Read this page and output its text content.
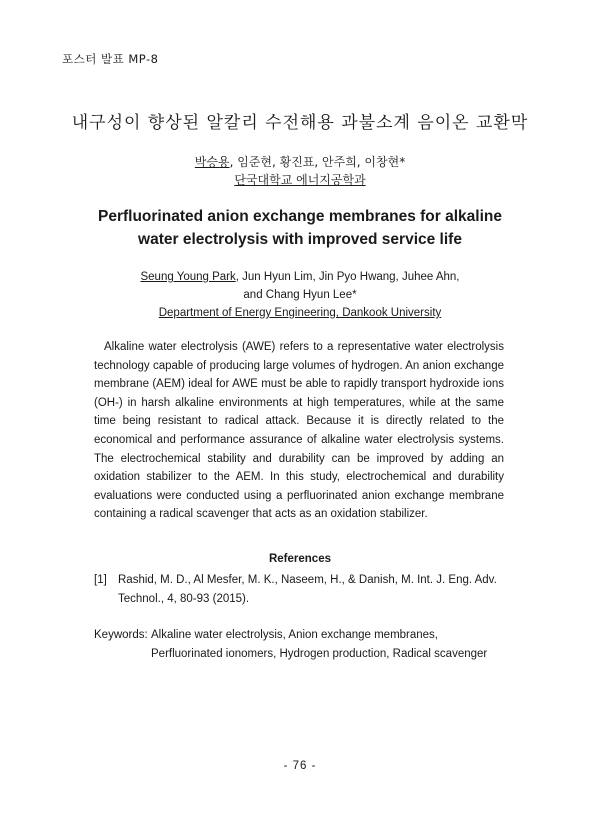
포스터 발표 MP-8
내구성이 향상된 알칼리 수전해용 과불소계 음이온 교환막
박승용, 임준현, 황진표, 안주희, 이창현*
단국대학교 에너지공학과
Perfluorinated anion exchange membranes for alkaline
water electrolysis with improved service life
Seung Young Park, Jun Hyun Lim, Jin Pyo Hwang, Juhee Ahn,
and Chang Hyun Lee*
Department of Energy Engineering, Dankook University
Alkaline water electrolysis (AWE) refers to a representative water electrolysis technology capable of producing large volumes of hydrogen. An anion exchange membrane (AEM) ideal for AWE must be able to rapidly transport hydroxide ions (OH-) in harsh alkaline environments at high temperatures, while at the same time being resistant to radical attack. Because it is directly related to the economical and performance assurance of alkaline water electrolysis systems. The electrochemical stability and durability can be improved by adding an oxidation stabilizer to the AEM. In this study, electrochemical and durability evaluations were conducted using a perfluorinated anion exchange membrane containing a radical scavenger that acts as an oxidation stabilizer.
References
[1] Rashid, M. D., Al Mesfer, M. K., Naseem, H., & Danish, M. Int. J. Eng. Adv. Technol., 4, 80-93 (2015).
Keywords: Alkaline water electrolysis, Anion exchange membranes, Perfluorinated ionomers, Hydrogen production, Radical scavenger
- 76 -
